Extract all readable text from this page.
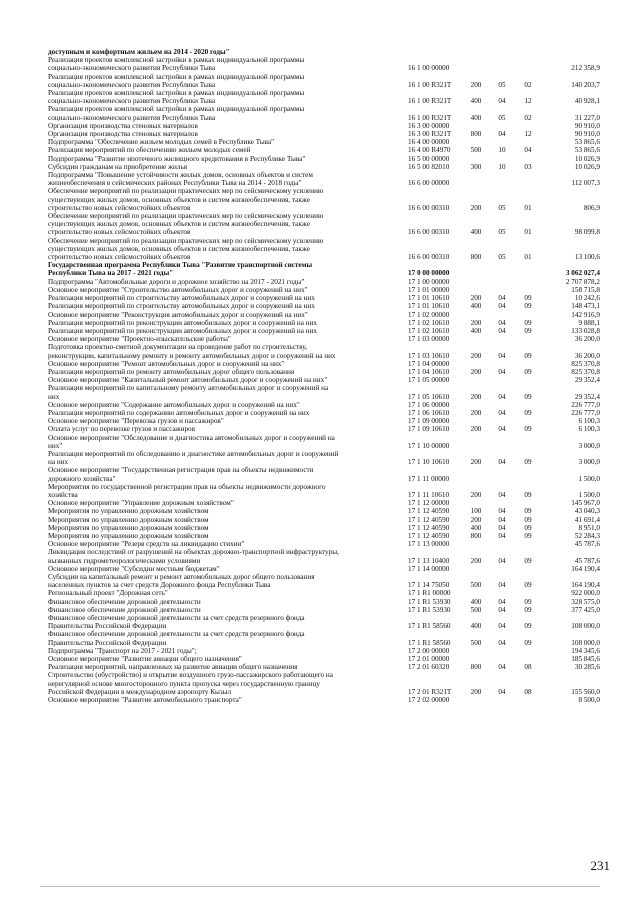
доступным и комфортным жильем на 2014 - 2020 годы"
Реализация проектов комплексной застройки в рамках индивидуальной программы
социально-экономического развития Республики Тыва	16 1 00 00000	212 358,9
Реализация проектов комплексной застройки в рамках индивидуальной программы
социально-экономического развития Республики Тыва	16 1 00 R321T	200	05	02	140 203,7
Реализация проектов комплексной застройки в рамках индивидуальной программы
социально-экономического развития Республики Тыва	16 1 00 R321T	400	04	12	40 928,1
Реализация проектов комплексной застройки в рамках индивидуальной программы
социально-экономического развития Республики Тыва	16 1 00 R321T	400	05	02	31 227,0
Организация производства стеновых материалов	16 3 00 00000	90 910,0
Организация производства стеновых материалов	16 3 00 R321T	800	04	12	90 910,0
Подпрограмма "Обеспечение жильем молодых семей в Республике Тыва"	16 4 00 00000	53 865,6
Реализация мероприятий по обеспечению жильем молодых семей	16 4 00 R4970	500	10	04	53 865,6
Подпрограмма "Развитие ипотечного жилищного кредитования в Республике Тыва"	16 5 00 00000	10 026,9
Субсидии гражданам на приобретение жилья	16 5 00 82010	300	10	03	10 026,9
Подпрограмма "Повышение устойчивости жилых домов, основных объектов и систем
жизнеобеспечения в сейсмических районах Республики Тыва на 2014 - 2018 годы"	16 6 00 00000	112 007,3
Обеспечение мероприятий по реализации практических мер по сейсмическому усилению
существующих жилых домов, основных объектов и систем жизнеобеспечения, также
строительство новых сейсмостойких объектов	16 6 00 00310	200	05	01	806,9
Обеспечение мероприятий по реализации практических мер по сейсмическому усилению
существующих жилых домов, основных объектов и систем жизнеобеспечения, также
строительство новых сейсмостойких объектов	16 6 00 00310	400	05	01	98 099,8
Обеспечение мероприятий по реализации практических мер по сейсмическому усилению
существующих жилых домов, основных объектов и систем жизнеобеспечения, также
строительство новых сейсмостойких объектов	16 6 00 00310	800	05	01	13 100,6
Государственная программа Республики Тыва "Развитие транспортной системы
Республики Тыва на 2017 - 2021 годы"	17 0 00 00000	3 062 027,4
Подпрограмма "Автомобильные дороги и дорожное хозяйство на 2017 - 2021 годы"	17 1 00 00000	2 707 878,2
Основное мероприятие "Строительство автомобильных дорог и сооружений на них"	17 1 01 00000	158 715,8
Реализация мероприятий по строительству автомобильных дорог и сооружений на них	17 1 01 10610	200	04	09	10 242,6
Реализация мероприятий по строительству автомобильных дорог и сооружений на них	17 1 01 10610	400	04	09	148 473,1
Основное мероприятие "Реконструкция автомобильных дорог и сооружений на них"	17 1 02 00000	142 916,9
Реализация мероприятий по реконструкции автомобильных дорог и сооружений на них	17 1 02 10610	200	04	09	9 888,1
Реализация мероприятий по реконструкции автомобильных дорог и сооружений на них	17 1 02 10610	400	04	09	133 028,8
Основное мероприятие "Проектно-изыскательские работы"	17 1 03 00000	36 200,0
Подготовка проектно-сметной документации на проведение работ по строительству,
реконструкции, капитальному ремонту и ремонту автомобильных дорог и сооружений на них	17 1 03 10610	200	04	09	36 200,0
Основное мероприятие "Ремонт автомобильных дорог и сооружений на них"	17 1 04 00000	825 370,8
Реализация мероприятий по ремонту автомобильных дорог общего пользования	17 1 04 10610	200	04	09	825 370,8
Основное мероприятие "Капитальный ремонт автомобильных дорог и сооружений на них"	17 1 05 00000	29 352,4
Реализация мероприятий по капитальному ремонту автомобильных дорог и сооружений на
них	17 1 05 10610	200	04	09	29 352,4
Основное мероприятие "Содержание автомобильных дорог и сооружений на них"	17 1 06 00000	226 777,0
Реализация мероприятий по содержанию автомобильных дорог и сооружений на них	17 1 06 10610	200	04	09	226 777,0
Основное мероприятие "Перевозка грузов и пассажиров"	17 1 09 00000	6 100,3
Оплата услуг по перевозке грузов и пассажиров	17 1 09 10610	200	04	09	6 100,3
Основное мероприятие "Обследование и диагностика автомобильных дорог и сооружений на
них"	17 1 10 00000	3 000,0
Реализация мероприятий по обследованию и диагностике автомобильных дорог и сооружений
на них	17 1 10 10610	200	04	09	3 000,0
Основное мероприятие "Государственная регистрация прав на объекты недвижимости
дорожного хозяйства"	17 1 11 00000	1 500,0
Мероприятия по государственной регистрации прав на объекты недвижимости дорожного
хозяйства	17 1 11 10610	200	04	09	1 500,0
Основное мероприятие "Управление дорожным хозяйством"	17 1 12 00000	145 967,0
Мероприятия по управлению дорожным хозяйством	17 1 12 40590	100	04	09	43 040,3
Мероприятия по управлению дорожным хозяйством	17 1 12 40590	200	04	09	41 691,4
Мероприятия по управлению дорожным хозяйством	17 1 12 40590	400	04	09	8 951,0
Мероприятия по управлению дорожным хозяйством	17 1 12 40590	800	04	09	52 284,3
Основное мероприятие "Резерв средств на ликвидацию стихии"	17 1 13 00000	45 787,6
Ликвидация последствий от разрушений на объектах дорожно-транспортной инфраструктуры,
вызванных гидрометеорологическими условиями	17 1 13 10400	200	04	09	45 787,6
Основное мероприятие "Субсидии местным бюджетам"	17 1 14 00000	164 190,4
Субсидии на капитальный ремонт и ремонт автомобильных дорог общего пользования
населенных пунктов за счет средств Дорожного фонда Республики Тыва	17 1 14 75050	500	04	09	164 190,4
Региональный проект "Дорожная сеть"	17 1 R1 00000	922 000,0
Финансовое обеспечение дорожной деятельности	17 1 R1 53930	400	04	09	328 575,0
Финансовое обеспечение дорожной деятельности	17 1 R1 53930	500	04	09	377 425,0
Финансовое обеспечение дорожной деятельности за счет средств резервного фонда
Правительства Российской Федерации	17 1 R1 58560	400	04	09	108 000,0
Финансовое обеспечение дорожной деятельности за счет средств резервного фонда
Правительства Российской Федерации	17 1 R1 58560	500	04	09	108 000,0
Подпрограмма "Транспорт на 2017 - 2021 годы";	17 2 00 00000	194 345,6
Основное мероприятие "Развитие авиации общего назначения"	17 2 01 00000	185 845,6
Реализация мероприятий, направленных на развитие авиации общего назначения	17 2 01 60320	800	04	08	30 285,6
Строительство (обустройство) и открытие воздушного грузо-пассажирского работающего на
нерегулярной основе многосторонного пункта пропуска через государственную границу
Российской Федерации в международном аэропорту Кызыл	17 2 01 R321T	200	04	08	155 560,0
Основное мероприятие "Развитие автомобильного транспорта"	17 2 02 00000	8 500,0
231
